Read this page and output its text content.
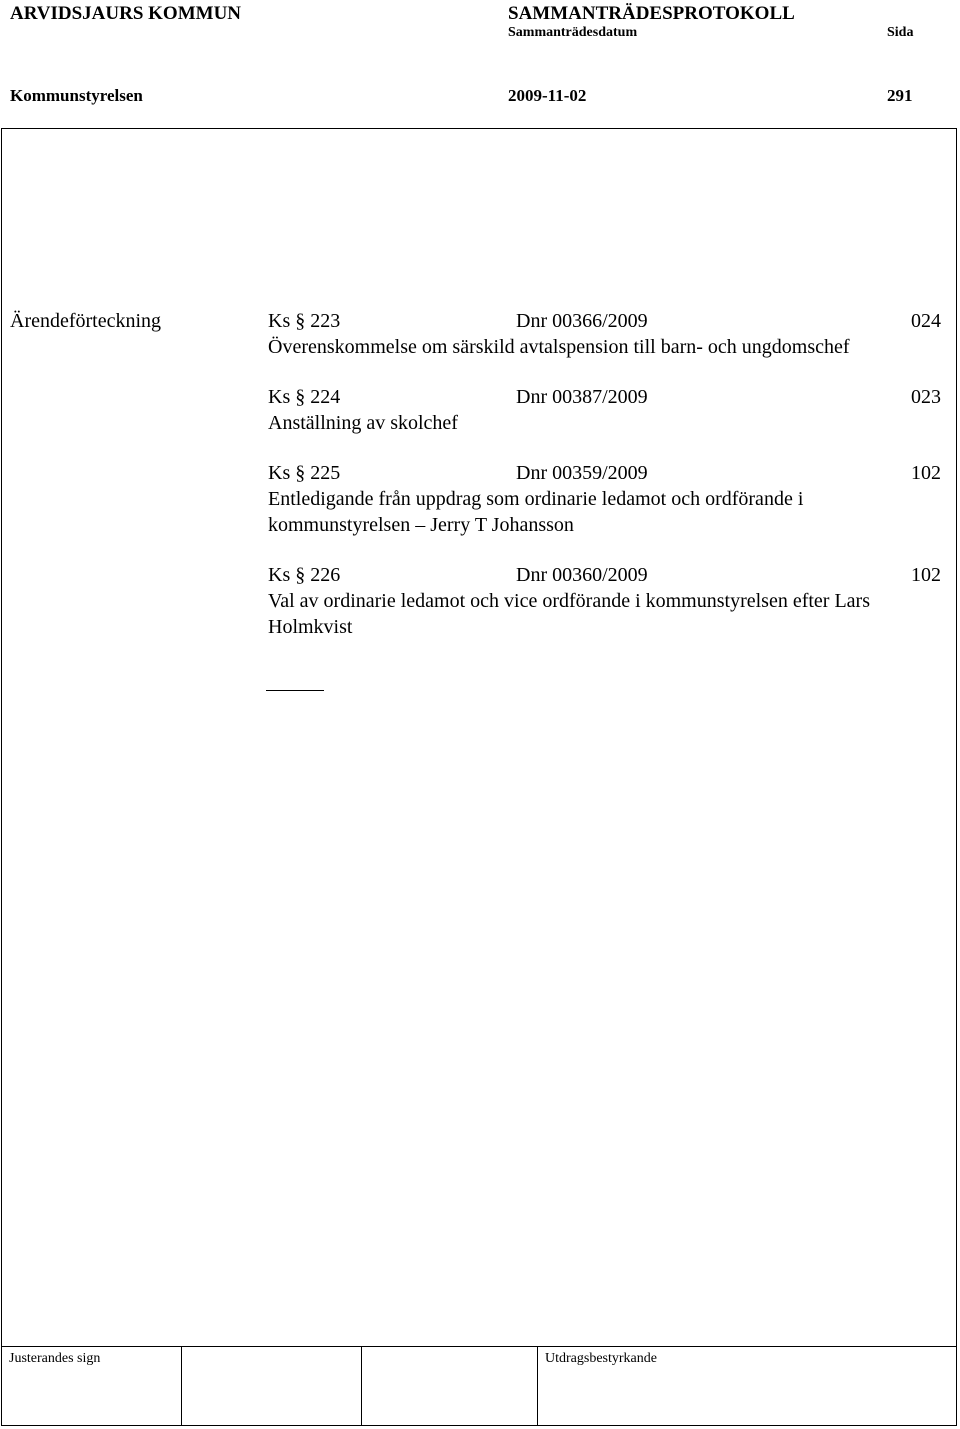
ARVIDSJAURS KOMMUN	SAMMANTRÄDESPROTOKOLL
Sammanträdesdatum	Sida
Kommunstyrelsen	2009-11-02	291
Ärendeförteckning	Ks § 223	Dnr 00366/2009	024
Överenskommelse om särskild avtalspension till barn- och ungdomschef
Ks § 224	Dnr 00387/2009	023
Anställning av skolchef
Ks § 225	Dnr 00359/2009	102
Entledigande från uppdrag som ordinarie ledamot och ordförande i kommunstyrelsen – Jerry T Johansson
Ks § 226	Dnr 00360/2009	102
Val av ordinarie ledamot och vice ordförande i kommunstyrelsen efter Lars Holmkvist
Justerandes sign	Utdragsbestyrkande
